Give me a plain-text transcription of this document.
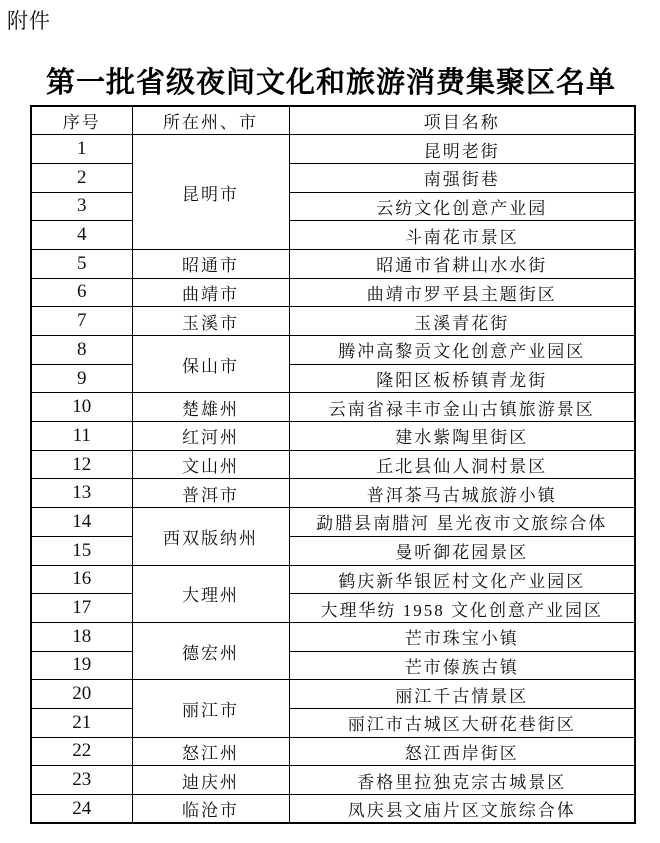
附件
第一批省级夜间文化和旅游消费集聚区名单
序号	所在州、市	项目名称
1	昆明市	昆明老街
2		南强街巷
3		云纺文化创意产业园
4		斗南花市景区
5	昭通市	昭通市省耕山水水街
6	曲靖市	曲靖市罗平县主题街区
7	玉溪市	玉溪青花街
8	保山市	腾冲高黎贡文化创意产业园区
9		隆阳区板桥镇青龙街
10	楚雄州	云南省禄丰市金山古镇旅游景区
11	红河州	建水紫陶里街区
12	文山州	丘北县仙人洞村景区
13	普洱市	普洱茶马古城旅游小镇
14	西双版纳州	勐腊县南腊河 星光夜市文旅综合体
15		曼听御花园景区
16	大理州	鹤庆新华银匠村文化产业园区
17		大理华纺 1958 文化创意产业园区
18	德宏州	芒市珠宝小镇
19		芒市傣族古镇
20	丽江市	丽江千古情景区
21		丽江市古城区大研花巷街区
22	怒江州	怒江西岸街区
23	迪庆州	香格里拉独克宗古城景区
24	临沧市	凤庆县文庙片区文旅综合体
